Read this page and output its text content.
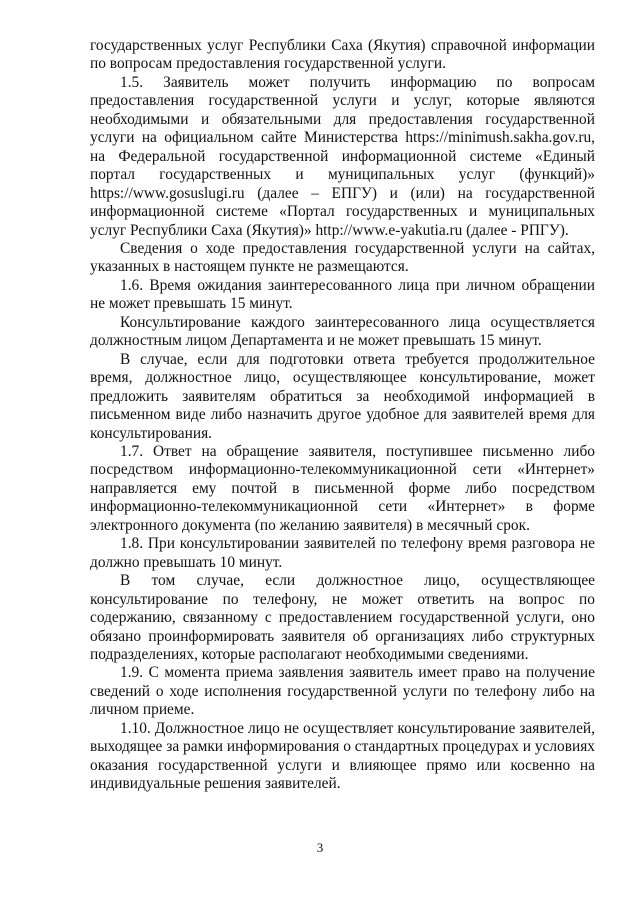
государственных услуг Республики Саха (Якутия) справочной информации по вопросам предоставления государственной услуги.

1.5. Заявитель может получить информацию по вопросам предоставления государственной услуги и услуг, которые являются необходимыми и обязательными для предоставления государственной услуги на официальном сайте Министерства https://minimush.sakha.gov.ru, на Федеральной государственной информационной системе «Единый портал государственных и муниципальных услуг (функций)» https://www.gosuslugi.ru (далее – ЕПГУ) и (или) на государственной информационной системе «Портал государственных и муниципальных услуг Республики Саха (Якутия)» http://www.e-yakutia.ru (далее - РПГУ).

Сведения о ходе предоставления государственной услуги на сайтах, указанных в настоящем пункте не размещаются.

1.6. Время ожидания заинтересованного лица при личном обращении не может превышать 15 минут.

Консультирование каждого заинтересованного лица осуществляется должностным лицом Департамента и не может превышать 15 минут.

В случае, если для подготовки ответа требуется продолжительное время, должностное лицо, осуществляющее консультирование, может предложить заявителям обратиться за необходимой информацией в письменном виде либо назначить другое удобное для заявителей время для консультирования.

1.7. Ответ на обращение заявителя, поступившее письменно либо посредством информационно-телекоммуникационной сети «Интернет» направляется ему почтой в письменной форме либо посредством информационно-телекоммуникационной сети «Интернет» в форме электронного документа (по желанию заявителя) в месячный срок.

1.8. При консультировании заявителей по телефону время разговора не должно превышать 10 минут.

В том случае, если должностное лицо, осуществляющее консультирование по телефону, не может ответить на вопрос по содержанию, связанному с предоставлением государственной услуги, оно обязано проинформировать заявителя об организациях либо структурных подразделениях, которые располагают необходимыми сведениями.

1.9. С момента приема заявления заявитель имеет право на получение сведений о ходе исполнения государственной услуги по телефону либо на личном приеме.

1.10. Должностное лицо не осуществляет консультирование заявителей, выходящее за рамки информирования о стандартных процедурах и условиях оказания государственной услуги и влияющее прямо или косвенно на индивидуальные решения заявителей.

3
